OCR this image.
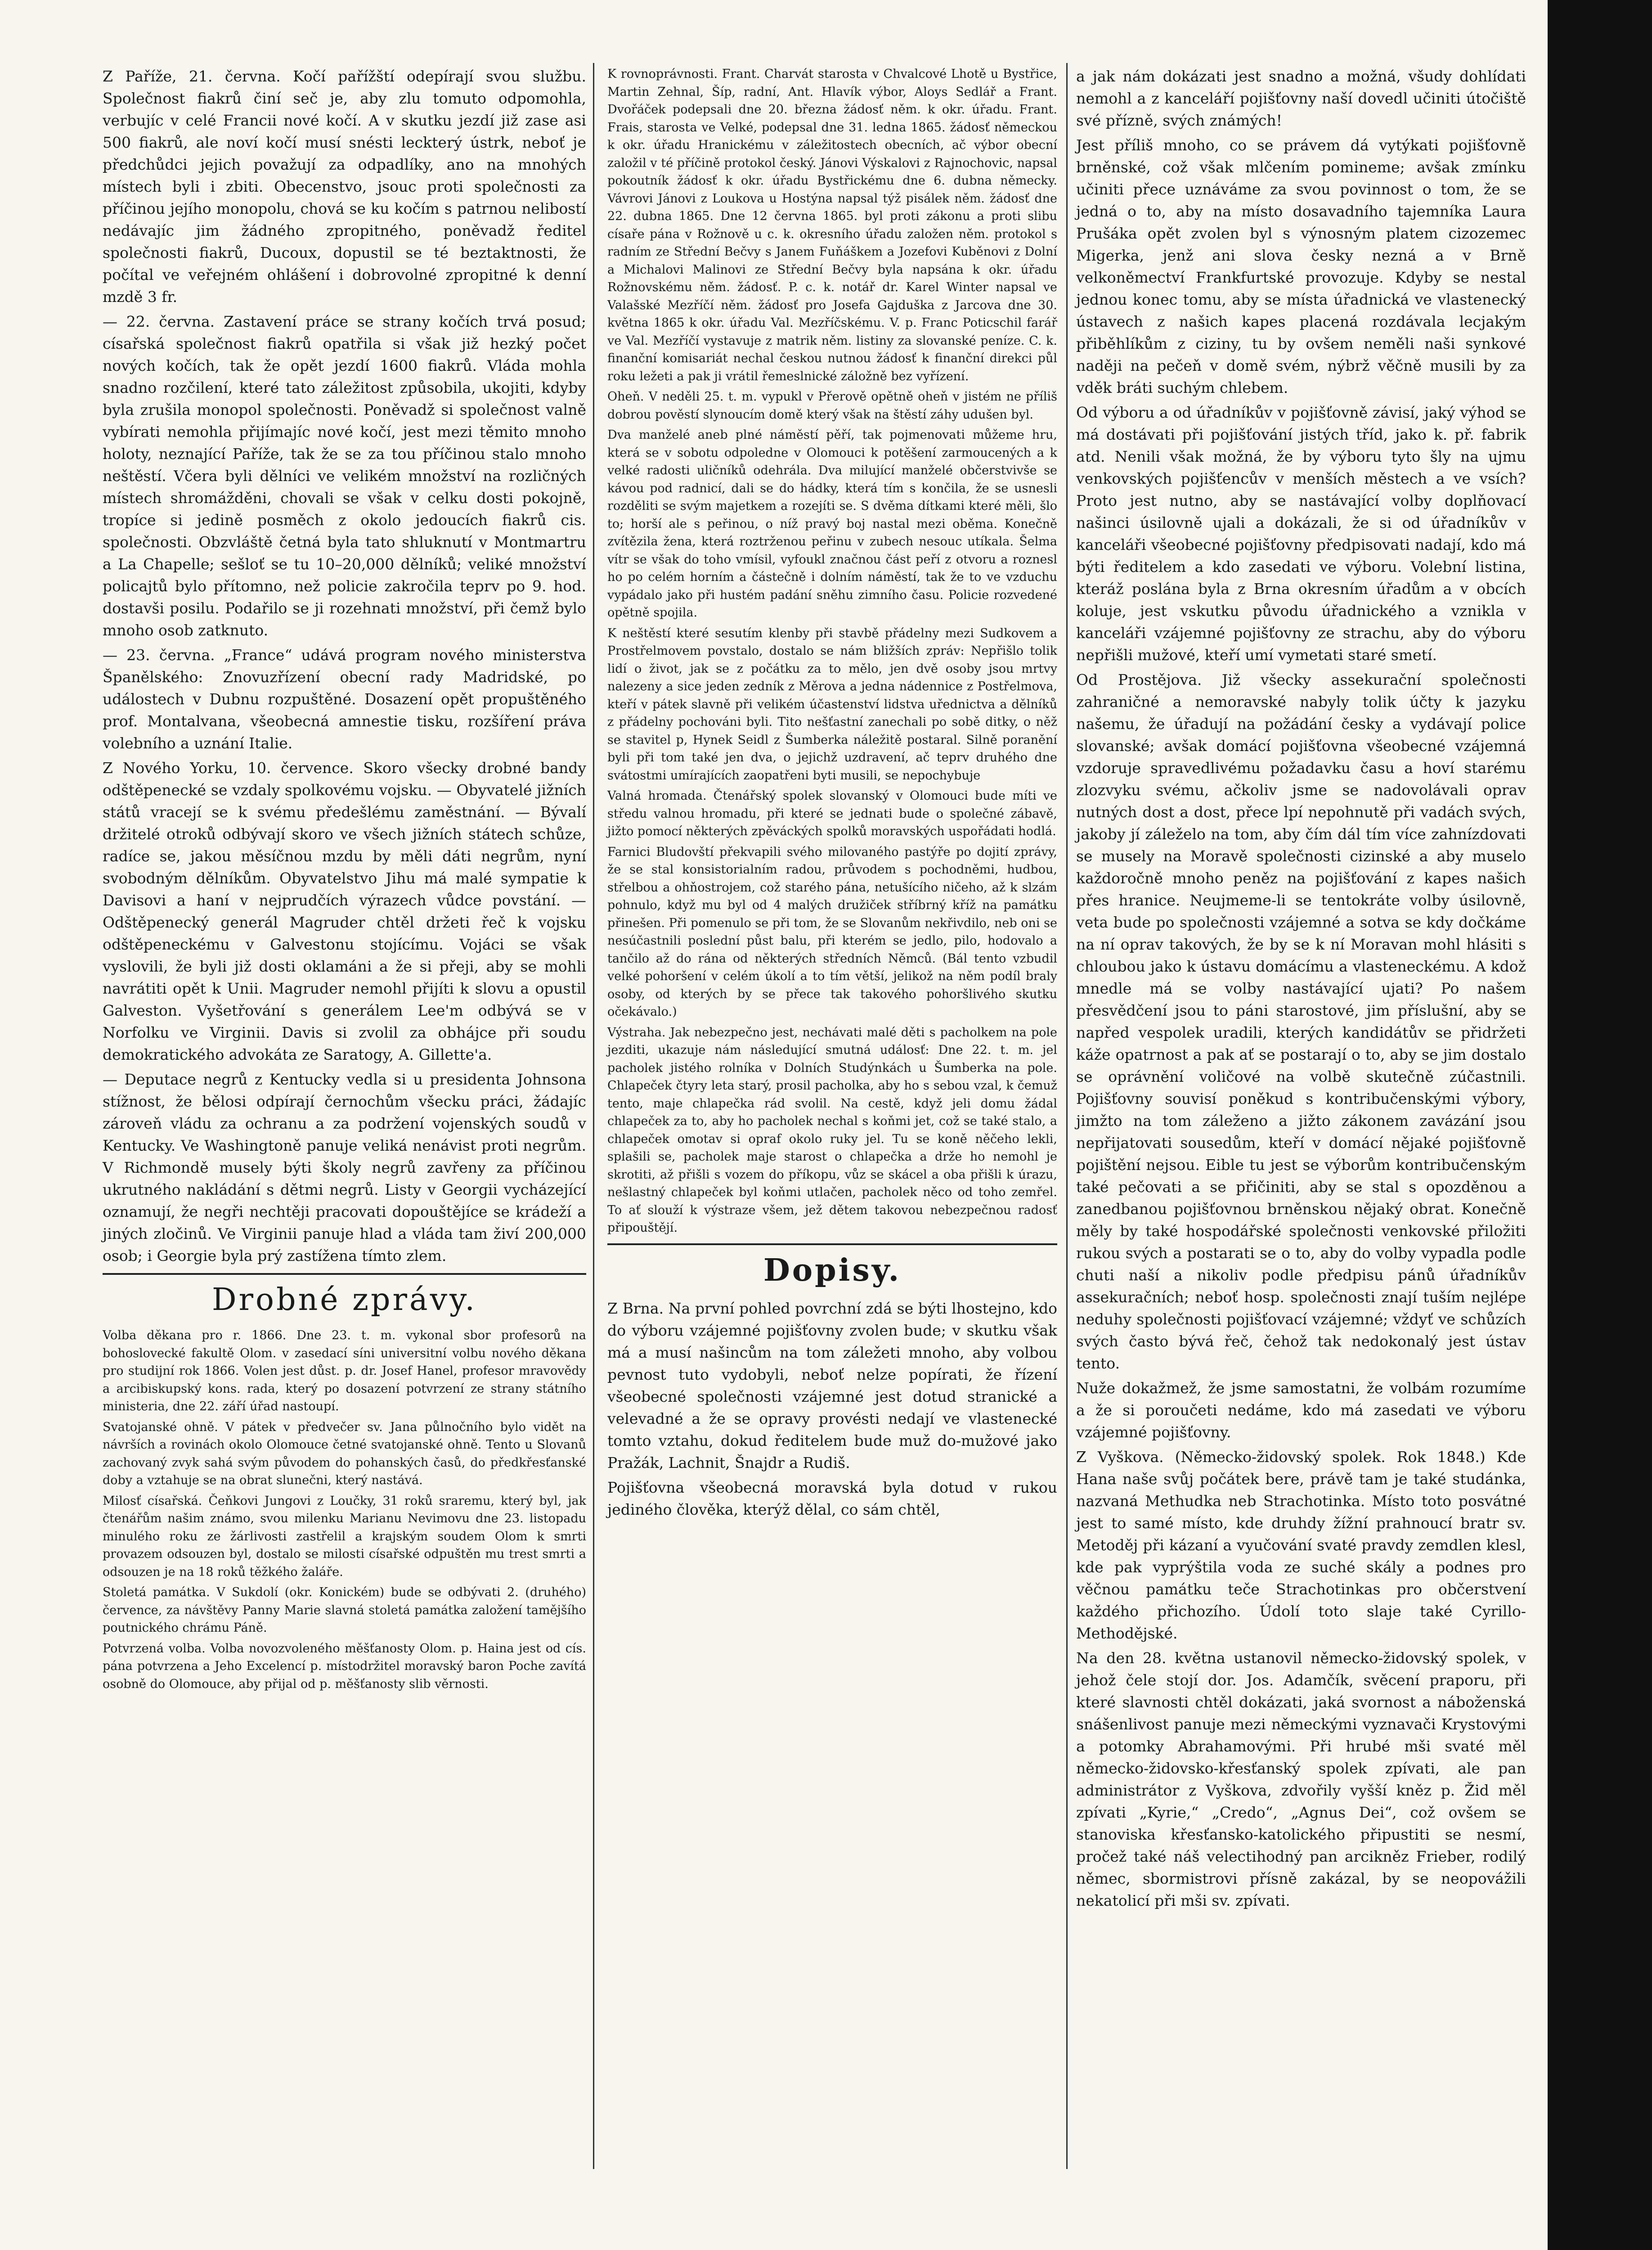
Z Paříže, 21. června. Kočí pařížští odepírají svou službu. Společnost fiakrů činí seč je, aby zlu tomuto odpomohla, verbujíc v celé Francii nové kočí. A v skutku jezdí již zase asi 500 fiakrů, ale noví kočí musí snésti leckterý ústrk, neboť je předchůdci jejich považují za odpadlíky, ano na mnohých místech byli i zbiti. Obecenstvo, jsouc proti společnosti za příčinou jejího monopolu, chová se ku kočím s patrnou nelibostí nedávajíc jim žádného zpropitného, poněvadž ředitel společnosti fiakrů, Ducoux, dopustil se té beztaktnosti, že počítal ve veřejném ohlášení i dobrovolné zpropitné k denní mzdě 3 fr.

— 22. června. Zastavení práce se strany kočích trvá posud; císařská společnost fiakrů opatřila si však již hezký počet nových kočích, tak že opět jezdí 1600 fiakrů. Vláda mohla snadno rozčilení, které tato záležitost způsobila, ukojiti, kdyby byla zrušila monopol společnosti. Poněvadž si společnost valně vybírati nemohla přijímajíc nové kočí, jest mezi těmito mnoho holoty, neznající Paříže, tak že se za tou příčinou stalo mnoho neštěstí. Včera byli dělníci ve velikém množství na rozličných místech shromážděni, chovali se však v celku dosti pokojně, tropíce si jedině posměch z okolo jedoucích fiakrů cis. společnosti. Obzvláště četná byla tato shluknutí v Montmartru a La Chapelle; sešloť se tu 10–20,000 dělníků; veliké množství policajtů bylo přítomno, než policie zakročila teprv po 9. hod. dostavši posilu. Podařilo se ji rozehnati množství, při čemž bylo mnoho osob zatknuto.

— 23. června. „France“ udává program nového ministerstva Španělského: Znovuzřízení obecní rady Madridské, po událostech v Dubnu rozpuštěné. Dosazení opět propuštěného prof. Montalvana, všeobecná amnestie tisku, rozšíření práva volebního a uznání Italie.

Z Nového Yorku, 10. července. Skoro všecky drobné bandy odštěpenecké se vzdaly spolkovému vojsku. — Obyvatelé jižních států vracejí se k svému předešlému zaměstnání. — Bývalí držitelé otroků odbývají skoro ve všech jižních státech schůze, radíce se, jakou měsíčnou mzdu by měli dáti negrům, nyní svobodným dělníkům. Obyvatelstvo Jihu má malé sympatie k Davisovi a haní v nejprudčích výrazech vůdce povstání. — Odštěpenecký generál Magruder chtěl držeti řeč k vojsku odštěpeneckému v Galvestonu stojícímu. Vojáci se však vyslovili, že byli již dosti oklamáni a že si přeji, aby se mohli navrátiti opět k Unii. Magruder nemohl přijíti k slovu a opustil Galveston. Vyšetřování s generálem Lee'm odbývá se v Norfolku ve Virginii. Davis si zvolil za obhájce při soudu demokratického advokáta ze Saratogy, A. Gillette'a.

— Deputace negrů z Kentucky vedla si u presidenta Johnsona stížnost, že bělosi odpírají černochům všecku práci, žádajíc zároveň vládu za ochranu a za podržení vojenských soudů v Kentucky. Ve Washingtoně panuje veliká nenávist proti negrům. V Richmondě musely býti školy negrů zavřeny za příčinou ukrutného nakládání s dětmi negrů. Listy v Georgii vycházející oznamují, že negři nechtěji pracovati dopouštějíce se krádeží a jiných zločinů. Ve Virginii panuje hlad a vláda tam živí 200,000 osob; i Georgie byla prý zastížena tímto zlem.

Drobné zprávy.

Volba děkana pro r. 1866. Dne 23. t. m. vykonal sbor profesorů na bohoslovecké fakultě Olom. v zasedací síni universitní volbu nového děkana pro studijní rok 1866. Volen jest důst. p. dr. Josef Hanel, profesor mravovědy a arcibiskupský kons. rada, který po dosazení potvrzení ze strany státního ministeria, dne 22. září úřad nastoupí.

Svatojanské ohně. V pátek v předvečer sv. Jana půlnočního bylo vidět na návrších a rovinách okolo Olomouce četné svatojanské ohně. Tento u Slovanů zachovaný zvyk sahá svým původem do pohanských časů, do předkřesťanské doby a vztahuje se na obrat slunečni, který nastává.

Milosť císařská. Čeňkovi Jungovi z Loučky, 31 roků sraremu, který byl, jak čtenářům našim známo, svou milenku Marianu Nevimovu dne 23. listopadu minulého roku ze žárlivosti zastřelil a krajským soudem Olom k smrti provazem odsouzen byl, dostalo se milosti císařské odpuštěn mu trest smrti a odsouzen je na 18 roků těžkého žaláře.

Stoletá památka. V Sukdolí (okr. Konickém) bude se odbývati 2. (druhého) července, za návštěvy Panny Marie slavná stoletá památka založení tamějšího poutnického chrámu Páně.

Potvrzená volba. Volba novozvoleného měšťanosty Olom. p. Haina jest od cís. pána potvrzena a Jeho Excelencí p. místodržitel moravský baron Poche zavítá osobně do Olomouce, aby přijal od p. měšťanosty slib věrnosti.

K rovnoprávnosti. Frant. Charvát starosta v Chvalcové Lhotě u Bystřice, Martin Zehnal, Šíp, radní, Ant. Hlavík výbor, Aloys Sedlář a Frant. Dvořáček podepsali dne 20. března žádosť něm. k okr. úřadu. Frant. Frais, starosta ve Velké, podepsal dne 31. ledna 1865. žádosť německou k okr. úřadu Hranickému v záležitostech obecních, ač výbor obecní založil v té příčině protokol český. Jánovi Výskalovi z Rajnochovic, napsal pokoutník žádosť k okr. úřadu Bystřickému dne 6. dubna německy. Vávrovi Jánovi z Loukova u Hostýna napsal týž pisálek něm. žádosť dne 22. dubna 1865. Dne 12 června 1865. byl proti zákonu a proti slibu císaře pána v Rožnově u c. k. okresního úřadu založen něm. protokol s radním ze Střední Bečvy s Janem Fuňáškem a Jozefovi Kuběnovi z Dolní a Michalovi Malinovi ze Střední Bečvy byla napsána k okr. úřadu Rožnovskému něm. žádosť. P. c. k. notář dr. Karel Winter napsal ve Valašské Mezříčí něm. žádosť pro Josefa Gajduška z Jarcova dne 30. května 1865 k okr. úřadu Val. Mezříčskému. V. p. Franc Poticschil farář ve Val. Mezříčí vystavuje z matrik něm. listiny za slovanské peníze. C. k. finanční komisariát nechal českou nutnou žádosť k finanční direkci půl roku ležeti a pak ji vrátil řemeslnické záložně bez vyřízení.

Oheň. V neděli 25. t. m. vypukl v Přerově opětně oheň v jistém ne příliš dobrou pověstí slynoucím domě který však na štěstí záhy udušen byl.

Dva manželé aneb plné náměstí pěří, tak pojmenovati můžeme hru, která se v sobotu odpoledne v Olomouci k potěšení zarmoucených a k velké radosti uličníků odehrála. Dva milující manželé občerstvivše se kávou pod radnicí, dali se do hádky, která tím s končila, že se usnesli rozděliti se svým majetkem a rozejíti se. S dvěma dítkami které měli, šlo to; horší ale s peřinou, o níž pravý boj nastal mezi oběma. Konečně zvítězila žena, která roztrženou peřinu v zubech nesouc utíkala. Šelma vítr se však do toho vmísil, vyfoukl značnou část peří z otvoru a roznesl ho po celém horním a částečně i dolním náměstí, tak že to ve vzduchu vypádalo jako při hustém padání sněhu zimního času. Policie rozvedené opětně spojila.

K neštěstí které sesutím klenby při stavbě přádelny mezi Sudkovem a Prostřelmovem povstalo, dostalo se nám bližších zpráv: Nepřišlo tolik lidí o život, jak se z počátku za to mělo, jen dvě osoby jsou mrtvy nalezeny a sice jeden zedník z Měrova a jedna nádennice z Postřelmova, kteří v pátek slavně při velikém účastenství lidstva uřednictva a dělníků z přádelny pochováni byli. Tito nešťastní zanechali po sobě ditky, o něž se stavitel p, Hynek Seidl z Šumberka náležitě postaral. Silně poranění byli při tom také jen dva, o jejichž uzdravení, ač teprv druhého dne svátostmi umírajících zaopatřeni byti musili, se nepochybuje

Valná hromada. Čtenářský spolek slovanský v Olomouci bude míti ve středu valnou hromadu, při které se jednati bude o společné zábavě, jižto pomocí některých zpěváckých spolků moravských uspořádati hodlá.

Farnici Bludovští překvapili svého milovaného pastýře po dojití zprávy, že se stal konsistorialním radou, průvodem s pochodněmi, hudbou, střelbou a ohňostrojem, což starého pána, netušícího ničeho, až k slzám pohnulo, když mu byl od 4 malých družiček stříbrný kříž na památku přinešen. Při pomenulo se při tom, že se Slovanům nekřivdilo, neb oni se nesúčastnili poslední půst balu, při kterém se jedlo, pilo, hodovalo a tančilo až do rána od některých středních Němců. (Bál tento vzbudil velké pohoršení v celém úkolí a to tím větší, jelikož na něm podíl braly osoby, od kterých by se přece tak takového pohoršlivého skutku očekávalo.)

Výstraha. Jak nebezpečno jest, nechávati malé děti s pacholkem na pole jezditi, ukazuje nám následující smutná událosť: Dne 22. t. m. jel pacholek jistého rolníka v Dolních Studýnkách u Šumberka na pole. Chlapeček čtyry leta starý, prosil pacholka, aby ho s sebou vzal, k čemuž tento, maje chlapečka rád svolil. Na cestě, když jeli domu žádal chlapeček za to, aby ho pacholek nechal s koňmi jet, což se také stalo, a chlapeček omotav si opraf okolo ruky jel. Tu se koně něčeho lekli, splašili se, pacholek maje starost o chlapečka a drže ho nemohl je skrotiti, až přišli s vozem do příkopu, vůz se skácel a oba přišli k úrazu, nešlastný chlapeček byl koňmi utlačen, pacholek něco od toho zemřel. To ať slouží k výstraze všem, jež dětem takovou nebezpečnou radosť připouštějí.

Dopisy.

Z Brna. Na první pohled povrchní zdá se býti lhostejno, kdo do výboru vzájemné pojišťovny zvolen bude; v skutku však má a musí našincům na tom záležeti mnoho, aby volbou pevnost tuto vydobyli, neboť nelze popírati, že řízení všeobecné společnosti vzájemné jest dotud stranické a velevadné a že se opravy provésti nedají ve vlastenecké tomto vztahu, dokud ředitelem bude muž do-mužové jako Pražák, Lachnit, Šnajdr a Rudiš.

Pojišťovna všeobecná moravská byla dotud v rukou jediného člověka, kterýž dělal, co sám chtěl,

a jak nám dokázati jest snadno a možná, všudy dohlídati nemohl a z kanceláří pojišťovny naší dovedl učiniti útočiště své přízně, svých známých!

Jest příliš mnoho, co se právem dá vytýkati pojišťovně brněnské, což však mlčením pomineme; avšak zmínku učiniti přece uznáváme za svou povinnost o tom, že se jedná o to, aby na místo dosavadního tajemníka Laura Prušáka opět zvolen byl s výnosným platem cizozemec Migerka, jenž ani slova česky nezná a v Brně velkoněmectví Frankfurtské provozuje. Kdyby se nestal jednou konec tomu, aby se místa úřadnická ve vlastenecký ústavech z našich kapes placená rozdávala lecjakým přiběhlíkům z ciziny, tu by ovšem neměli naši synkové naději na pečeň v domě svém, nýbrž věčně musili by za vděk bráti suchým chlebem.

Od výboru a od úřadníkův v pojišťovně závisí, jaký výhod se má dostávati při pojišťování jistých tříd, jako k. př. fabrik atd. Nenili však možná, že by výboru tyto šly na ujmu venkovských pojišťencův v menších městech a ve vsích? Proto jest nutno, aby se nastávající volby doplňovací našinci úsilovně ujali a dokázali, že si od úřadníkův v kanceláři všeobecné pojišťovny předpisovati nadají, kdo má býti ředitelem a kdo zasedati ve výboru. Volební listina, kteráž poslána byla z Brna okresním úřadům a v obcích koluje, jest vskutku původu úřadnického a vznikla v kanceláři vzájemné pojišťovny ze strachu, aby do výboru nepřišli mužové, kteří umí vymetati staré smetí.

Od Prostějova. Již všecky assekurační společnosti zahraničné a nemoravské nabyly tolik účty k jazyku našemu, že úřadují na požádání česky a vydávají police slovanské; avšak domácí pojišťovna všeobecné vzájemná vzdoruje spravedlivému požadavku času a hoví starému zlozvyku svému, ačkoliv jsme se nadovolávali oprav nutných dost a dost, přece lpí nepohnutě při vadách svých, jakoby jí záleželo na tom, aby čím dál tím více zahnízdovati se musely na Moravě společnosti cizinské a aby muselo každoročně mnoho peněz na pojišťování z kapes našich přes hranice. Neujmeme-li se tentokráte volby úsilovně, veta bude po společnosti vzájemné a sotva se kdy dočkáme na ní oprav takových, že by se k ní Moravan mohl hlásiti s chloubou jako k ústavu domácímu a vlasteneckému. A kdož mnedle má se volby nastávající ujati? Po našem přesvědčení jsou to páni starostové, jim příslušní, aby se napřed vespolek uradili, kterých kandidátův se přidržeti káže opatrnost a pak ať se postarají o to, aby se jim dostalo se oprávnění voličové na volbě skutečně zúčastnili. Pojišťovny souvisí poněkud s kontribučenskými výbory, jimžto na tom záleženo a jižto zákonem zavázání jsou nepřijatovati sousedům, kteří v domácí nějaké pojišťovně pojištění nejsou. Eible tu jest se výborům kontribučenským také pečovati a se přičiniti, aby se stal s opozděnou a zanedbanou pojišťovnou brněnskou nějaký obrat. Konečně měly by také hospodářské společnosti venkovské přiložiti rukou svých a postarati se o to, aby do volby vypadla podle chuti naší a nikoliv podle předpisu pánů úřadníkův assekuračních; neboť hosp. společnosti znají tuším nejlépe neduhy společnosti pojišťovací vzájemné; vždyť ve schůzích svých často bývá řeč, čehož tak nedokonalý jest ústav tento.

Nuže dokažmež, že jsme samostatni, že volbám rozumíme a že si poroučeti nedáme, kdo má zasedati ve výboru vzájemné pojišťovny.

Z Vyškova. (Německo-židovský spolek. Rok 1848.) Kde Hana naše svůj počátek bere, právě tam je také studánka, nazvaná Methudka neb Strachotinka. Místo toto posvátné jest to samé místo, kde druhdy žížní prahnoucí bratr sv. Metoděj při kázaní a vyučování svaté pravdy zemdlen klesl, kde pak vyprýštila voda ze suché skály a podnes pro věčnou památku teče Strachotinkas pro občerstvení každého přichozího. Údolí toto slaje také Cyrillo-Methodějské.

Na den 28. května ustanovil německo-židovský spolek, v jehož čele stojí dor. Jos. Adamčík, svěcení praporu, při které slavnosti chtěl dokázati, jaká svornost a náboženská snášenlivost panuje mezi německými vyznavači Krystovými a potomky Abrahamovými. Při hrubé mši svaté měl německo-židovsko-křesťanský spolek zpívati, ale pan administrátor z Vyškova, zdvořily vyšší kněz p. Žid měl zpívati „Kyrie,“ „Credo“, „Agnus Dei“, což ovšem se stanoviska křesťansko-katolického připustiti se nesmí, pročež také náš velectihodný pan arcikněz Frieber, rodilý němec, sbormistrovi přísně zakázal, by se neopovážili nekatolicí při mši sv. zpívati.
